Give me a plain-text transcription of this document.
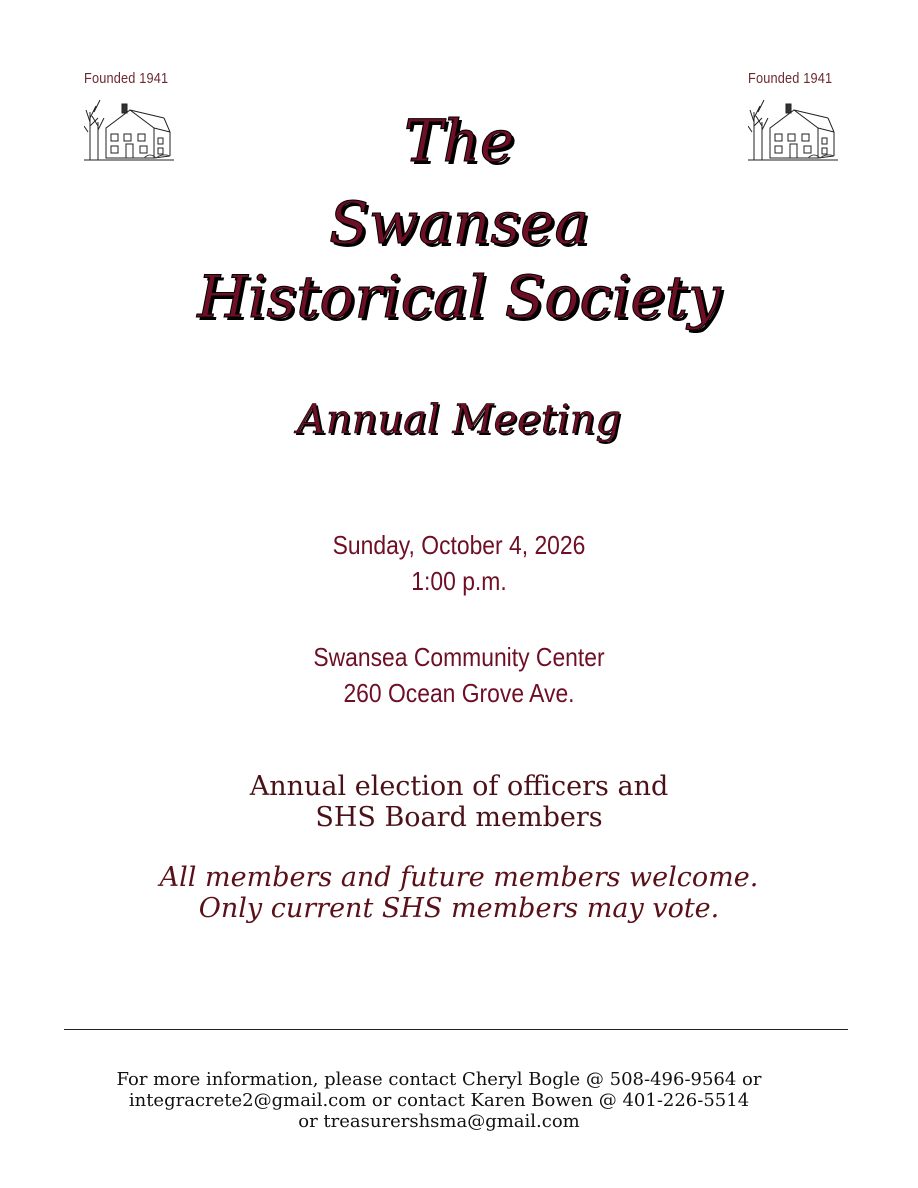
Founded 1941	Founded 1941
The
Swansea
Historical Society
Annual Meeting
Sunday, October 4, 2026
1:00 p.m.
Swansea Community Center
260 Ocean Grove Ave.
Annual election of officers and
SHS Board members
All members and future members welcome.
Only current SHS members may vote.
For more information, please contact Cheryl Bogle @ 508-496-9564 or
integracrete2@gmail.com or contact Karen Bowen @ 401-226-5514
or treasurershsma@gmail.com
